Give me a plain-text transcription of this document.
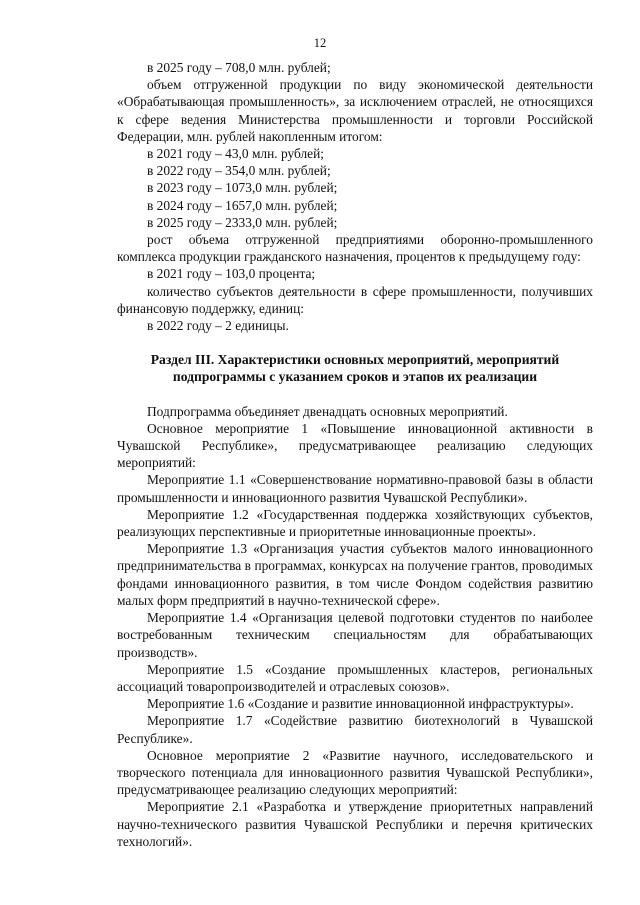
12

в 2025 году – 708,0 млн. рублей;

объем отгруженной продукции по виду экономической деятельности «Обрабатывающая промышленность», за исключением отраслей, не относящихся к сфере ведения Министерства промышленности и торговли Российской Федерации, млн. рублей накопленным итогом:

в 2021 году – 43,0 млн. рублей;

в 2022 году – 354,0 млн. рублей;

в 2023 году – 1073,0 млн. рублей;

в 2024 году – 1657,0 млн. рублей;

в 2025 году – 2333,0 млн. рублей;

рост объема отгруженной предприятиями оборонно-промышленного комплекса продукции гражданского назначения, процентов к предыдущему году:

в 2021 году – 103,0 процента;

количество субъектов деятельности в сфере промышленности, получивших финансовую поддержку, единиц:

в 2022 году – 2 единицы.

Раздел III. Характеристики основных мероприятий, мероприятий подпрограммы с указанием сроков и этапов их реализации

Подпрограмма объединяет двенадцать основных мероприятий.

Основное мероприятие 1 «Повышение инновационной активности в Чувашской Республике», предусматривающее реализацию следующих мероприятий:

Мероприятие 1.1 «Совершенствование нормативно-правовой базы в области промышленности и инновационного развития Чувашской Республики».

Мероприятие 1.2 «Государственная поддержка хозяйствующих субъектов, реализующих перспективные и приоритетные инновационные проекты».

Мероприятие 1.3 «Организация участия субъектов малого инновационного предпринимательства в программах, конкурсах на получение грантов, проводимых фондами инновационного развития, в том числе Фондом содействия развитию малых форм предприятий в научно-технической сфере».

Мероприятие 1.4 «Организация целевой подготовки студентов по наиболее востребованным техническим специальностям для обрабатывающих производств».

Мероприятие 1.5 «Создание промышленных кластеров, региональных ассоциаций товаропроизводителей и отраслевых союзов».

Мероприятие 1.6 «Создание и развитие инновационной инфраструктуры».

Мероприятие 1.7 «Содействие развитию биотехнологий в Чувашской Республике».

Основное мероприятие 2 «Развитие научного, исследовательского и творческого потенциала для инновационного развития Чувашской Республики», предусматривающее реализацию следующих мероприятий:

Мероприятие 2.1 «Разработка и утверждение приоритетных направлений научно-технического развития Чувашской Республики и перечня критических технологий».
